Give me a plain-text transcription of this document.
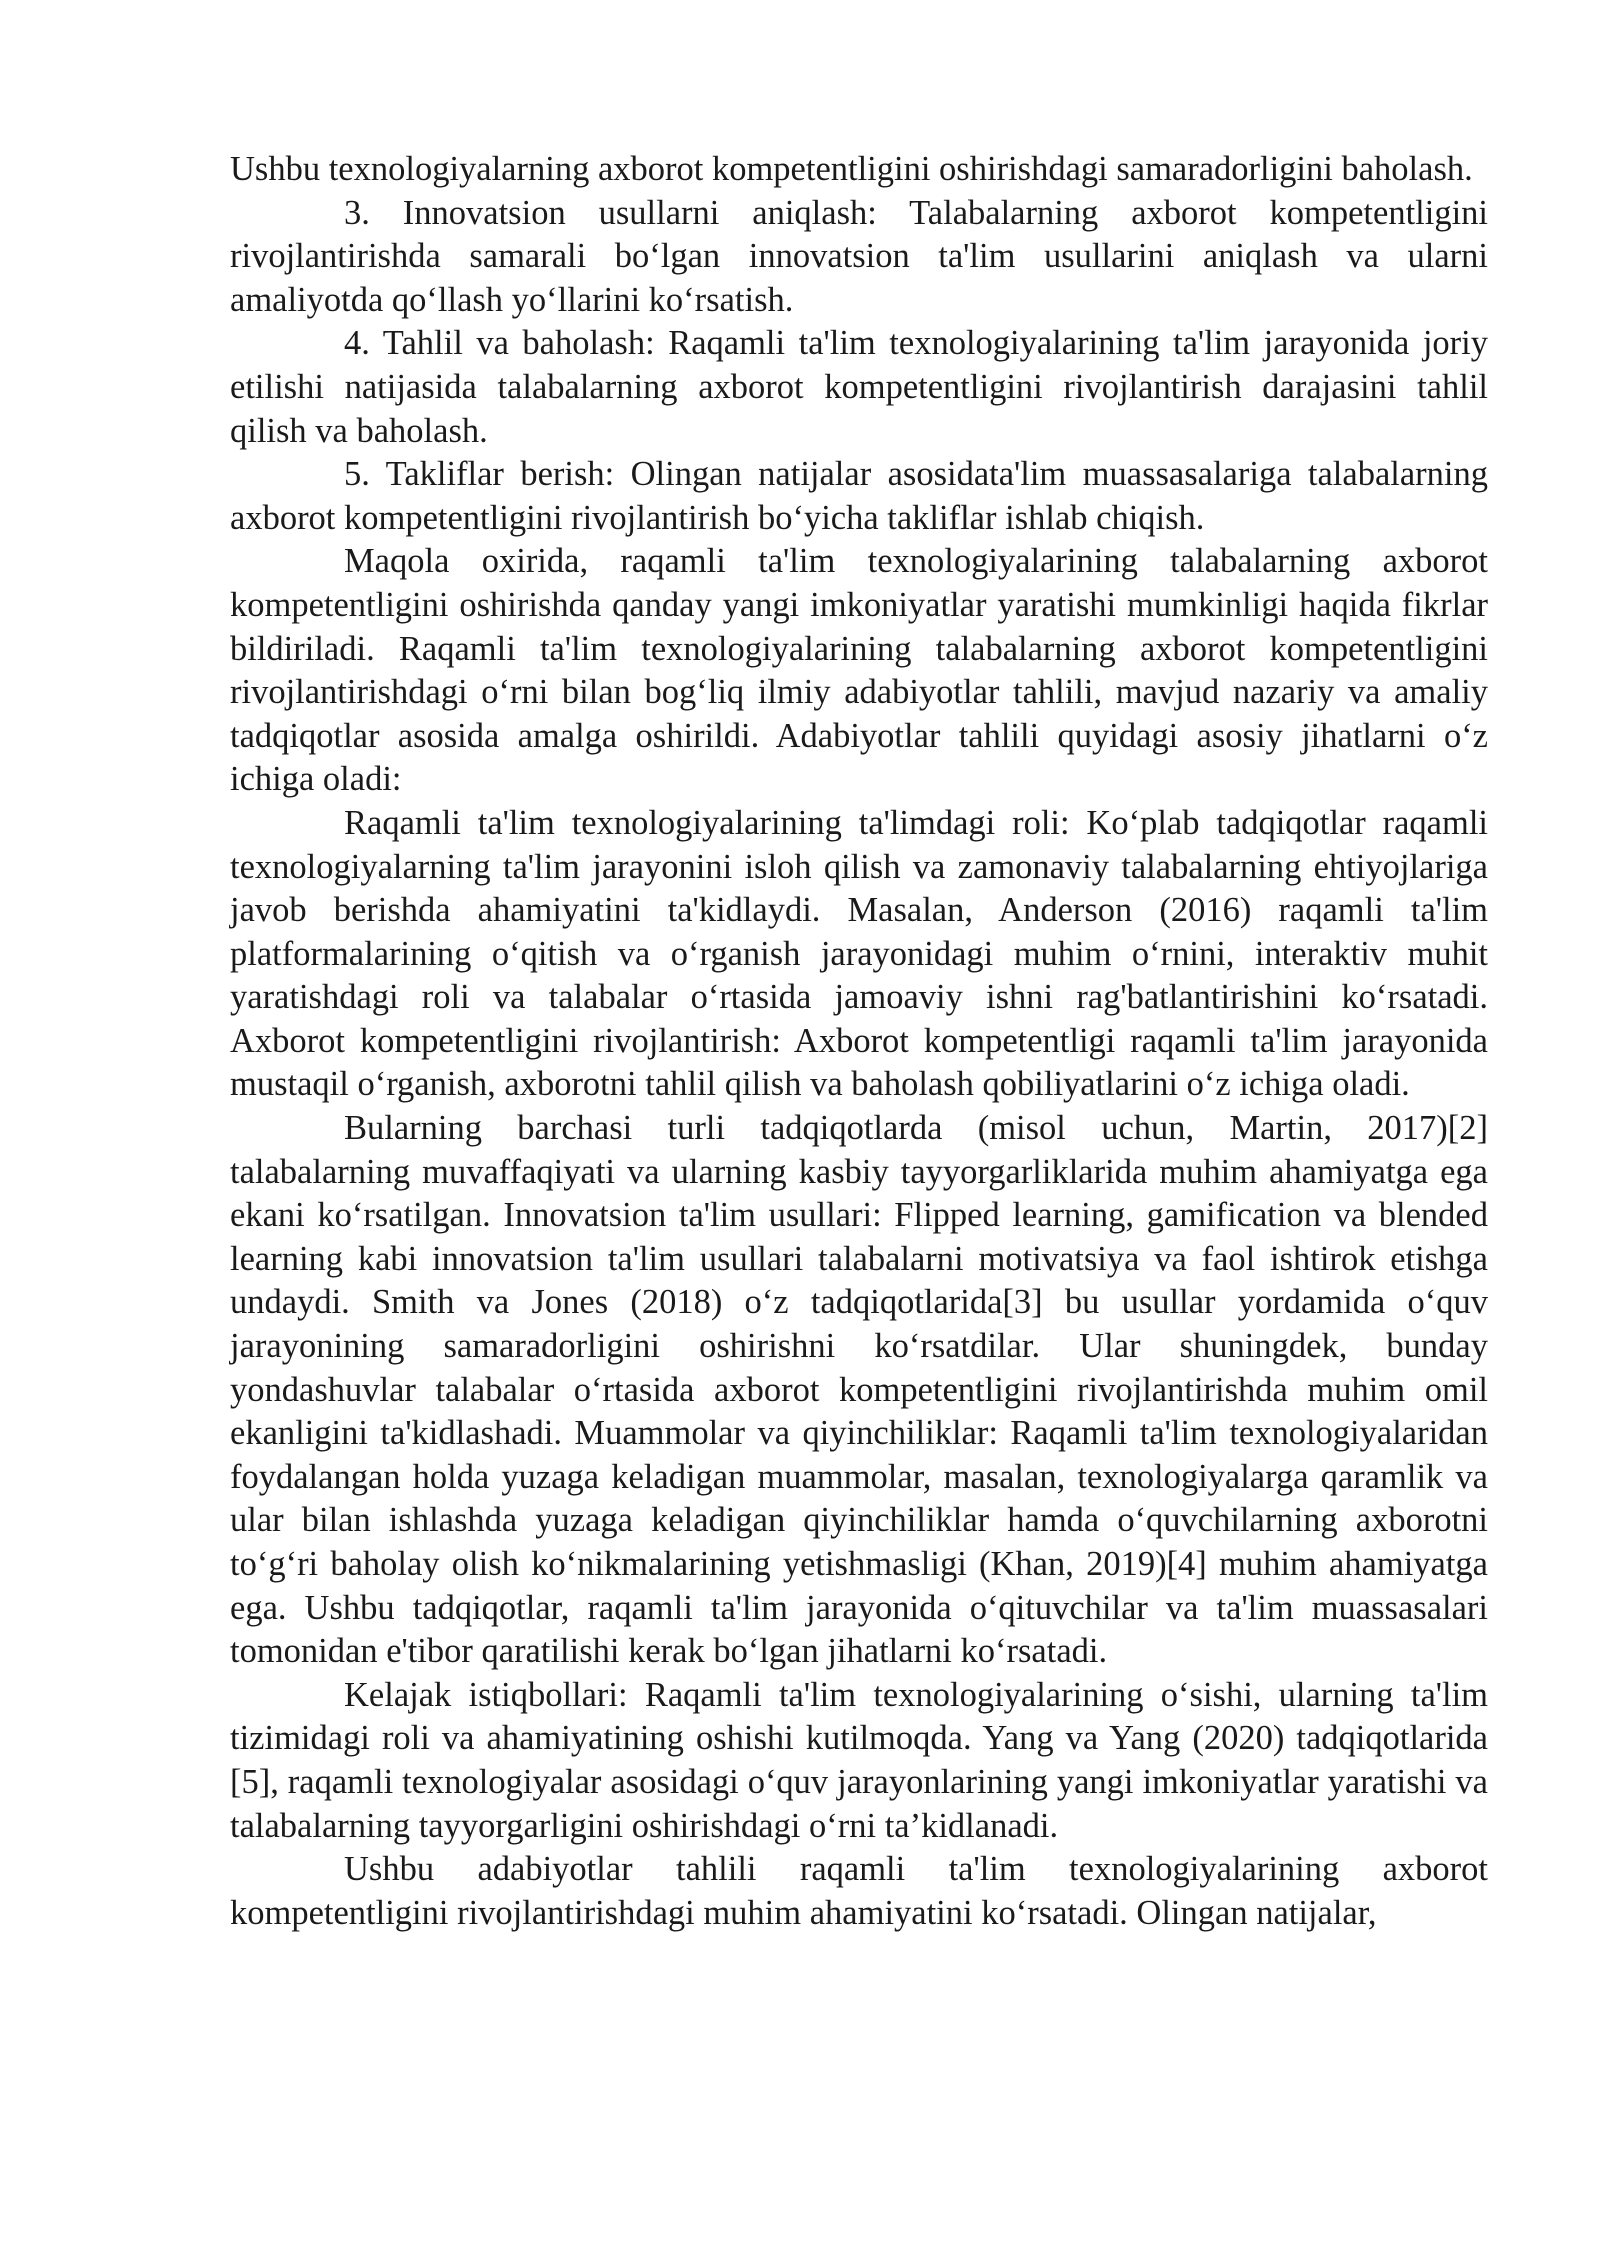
Ushbu texnologiyalarning axborot kompetentligini oshirishdagi samaradorligini baholash.

3. Innovatsion usullarni aniqlash: Talabalarning axborot kompetentligini rivojlantirishda samarali bo‘lgan innovatsion ta'lim usullarini aniqlash va ularni amaliyotda qo‘llash yo‘llarini ko‘rsatish.

4. Tahlil va baholash: Raqamli ta'lim texnologiyalarining ta'lim jarayonida joriy etilishi natijasida talabalarning axborot kompetentligini rivojlantirish darajasini tahlil qilish va baholash.

5. Takliflar berish: Olingan natijalar asosidata'lim muassasalariga talabalarning axborot kompetentligini rivojlantirish bo‘yicha takliflar ishlab chiqish.

Maqola oxirida, raqamli ta'lim texnologiyalarining talabalarning axborot kompetentligini oshirishda qanday yangi imkoniyatlar yaratishi mumkinligi haqida fikrlar bildiriladi. Raqamli ta'lim texnologiyalarining talabalarning axborot kompetentligini rivojlantirishdagi o‘rni bilan bog‘liq ilmiy adabiyotlar tahlili, mavjud nazariy va amaliy tadqiqotlar asosida amalga oshirildi. Adabiyotlar tahlili quyidagi asosiy jihatlarni o‘z ichiga oladi:

Raqamli ta'lim texnologiyalarining ta'limdagi roli: Ko‘plab tadqiqotlar raqamli texnologiyalarning ta'lim jarayonini isloh qilish va zamonaviy talabalarning ehtiyojlariga javob berishda ahamiyatini ta'kidlaydi. Masalan, Anderson (2016) raqamli ta'lim platformalarining o‘qitish va o‘rganish jarayonidagi muhim o‘rnini, interaktiv muhit yaratishdagi roli va talabalar o‘rtasida jamoaviy ishni rag'batlantirishini ko‘rsatadi. Axborot kompetentligini rivojlantirish: Axborot kompetentligi raqamli ta'lim jarayonida mustaqil o‘rganish, axborotni tahlil qilish va baholash qobiliyatlarini o‘z ichiga oladi.

Bularning barchasi turli tadqiqotlarda (misol uchun, Martin, 2017)[2] talabalarning muvaffaqiyati va ularning kasbiy tayyorgarliklarida muhim ahamiyatga ega ekani ko‘rsatilgan. Innovatsion ta'lim usullari: Flipped learning, gamification va blended learning kabi innovatsion ta'lim usullari talabalarni motivatsiya va faol ishtirok etishga undaydi. Smith va Jones (2018) o‘z tadqiqotlarida[3] bu usullar yordamida o‘quv jarayonining samaradorligini oshirishni ko‘rsatdilar. Ular shuningdek, bunday yondashuvlar talabalar o‘rtasida axborot kompetentligini rivojlantirishda muhim omil ekanligini ta'kidlashadi. Muammolar va qiyinchiliklar: Raqamli ta'lim texnologiyalaridan foydalangan holda yuzaga keladigan muammolar, masalan, texnologiyalarga qaramlik va ular bilan ishlashda yuzaga keladigan qiyinchiliklar hamda o‘quvchilarning axborotni to‘g‘ri baholay olish ko‘nikmalarining yetishmasligi (Khan, 2019)[4] muhim ahamiyatga ega. Ushbu tadqiqotlar, raqamli ta'lim jarayonida o‘qituvchilar va ta'lim muassasalari tomonidan e'tibor qaratilishi kerak bo‘lgan jihatlarni ko‘rsatadi.

Kelajak istiqbollari: Raqamli ta'lim texnologiyalarining o‘sishi, ularning ta'lim tizimidagi roli va ahamiyatining oshishi kutilmoqda. Yang va Yang (2020) tadqiqotlarida [5], raqamli texnologiyalar asosidagi o‘quv jarayonlarining yangi imkoniyatlar yaratishi va talabalarning tayyorgarligini oshirishdagi o‘rni ta’kidlanadi.

Ushbu adabiyotlar tahlili raqamli ta'lim texnologiyalarining axborot kompetentligini rivojlantirishdagi muhim ahamiyatini ko‘rsatadi. Olingan natijalar,
